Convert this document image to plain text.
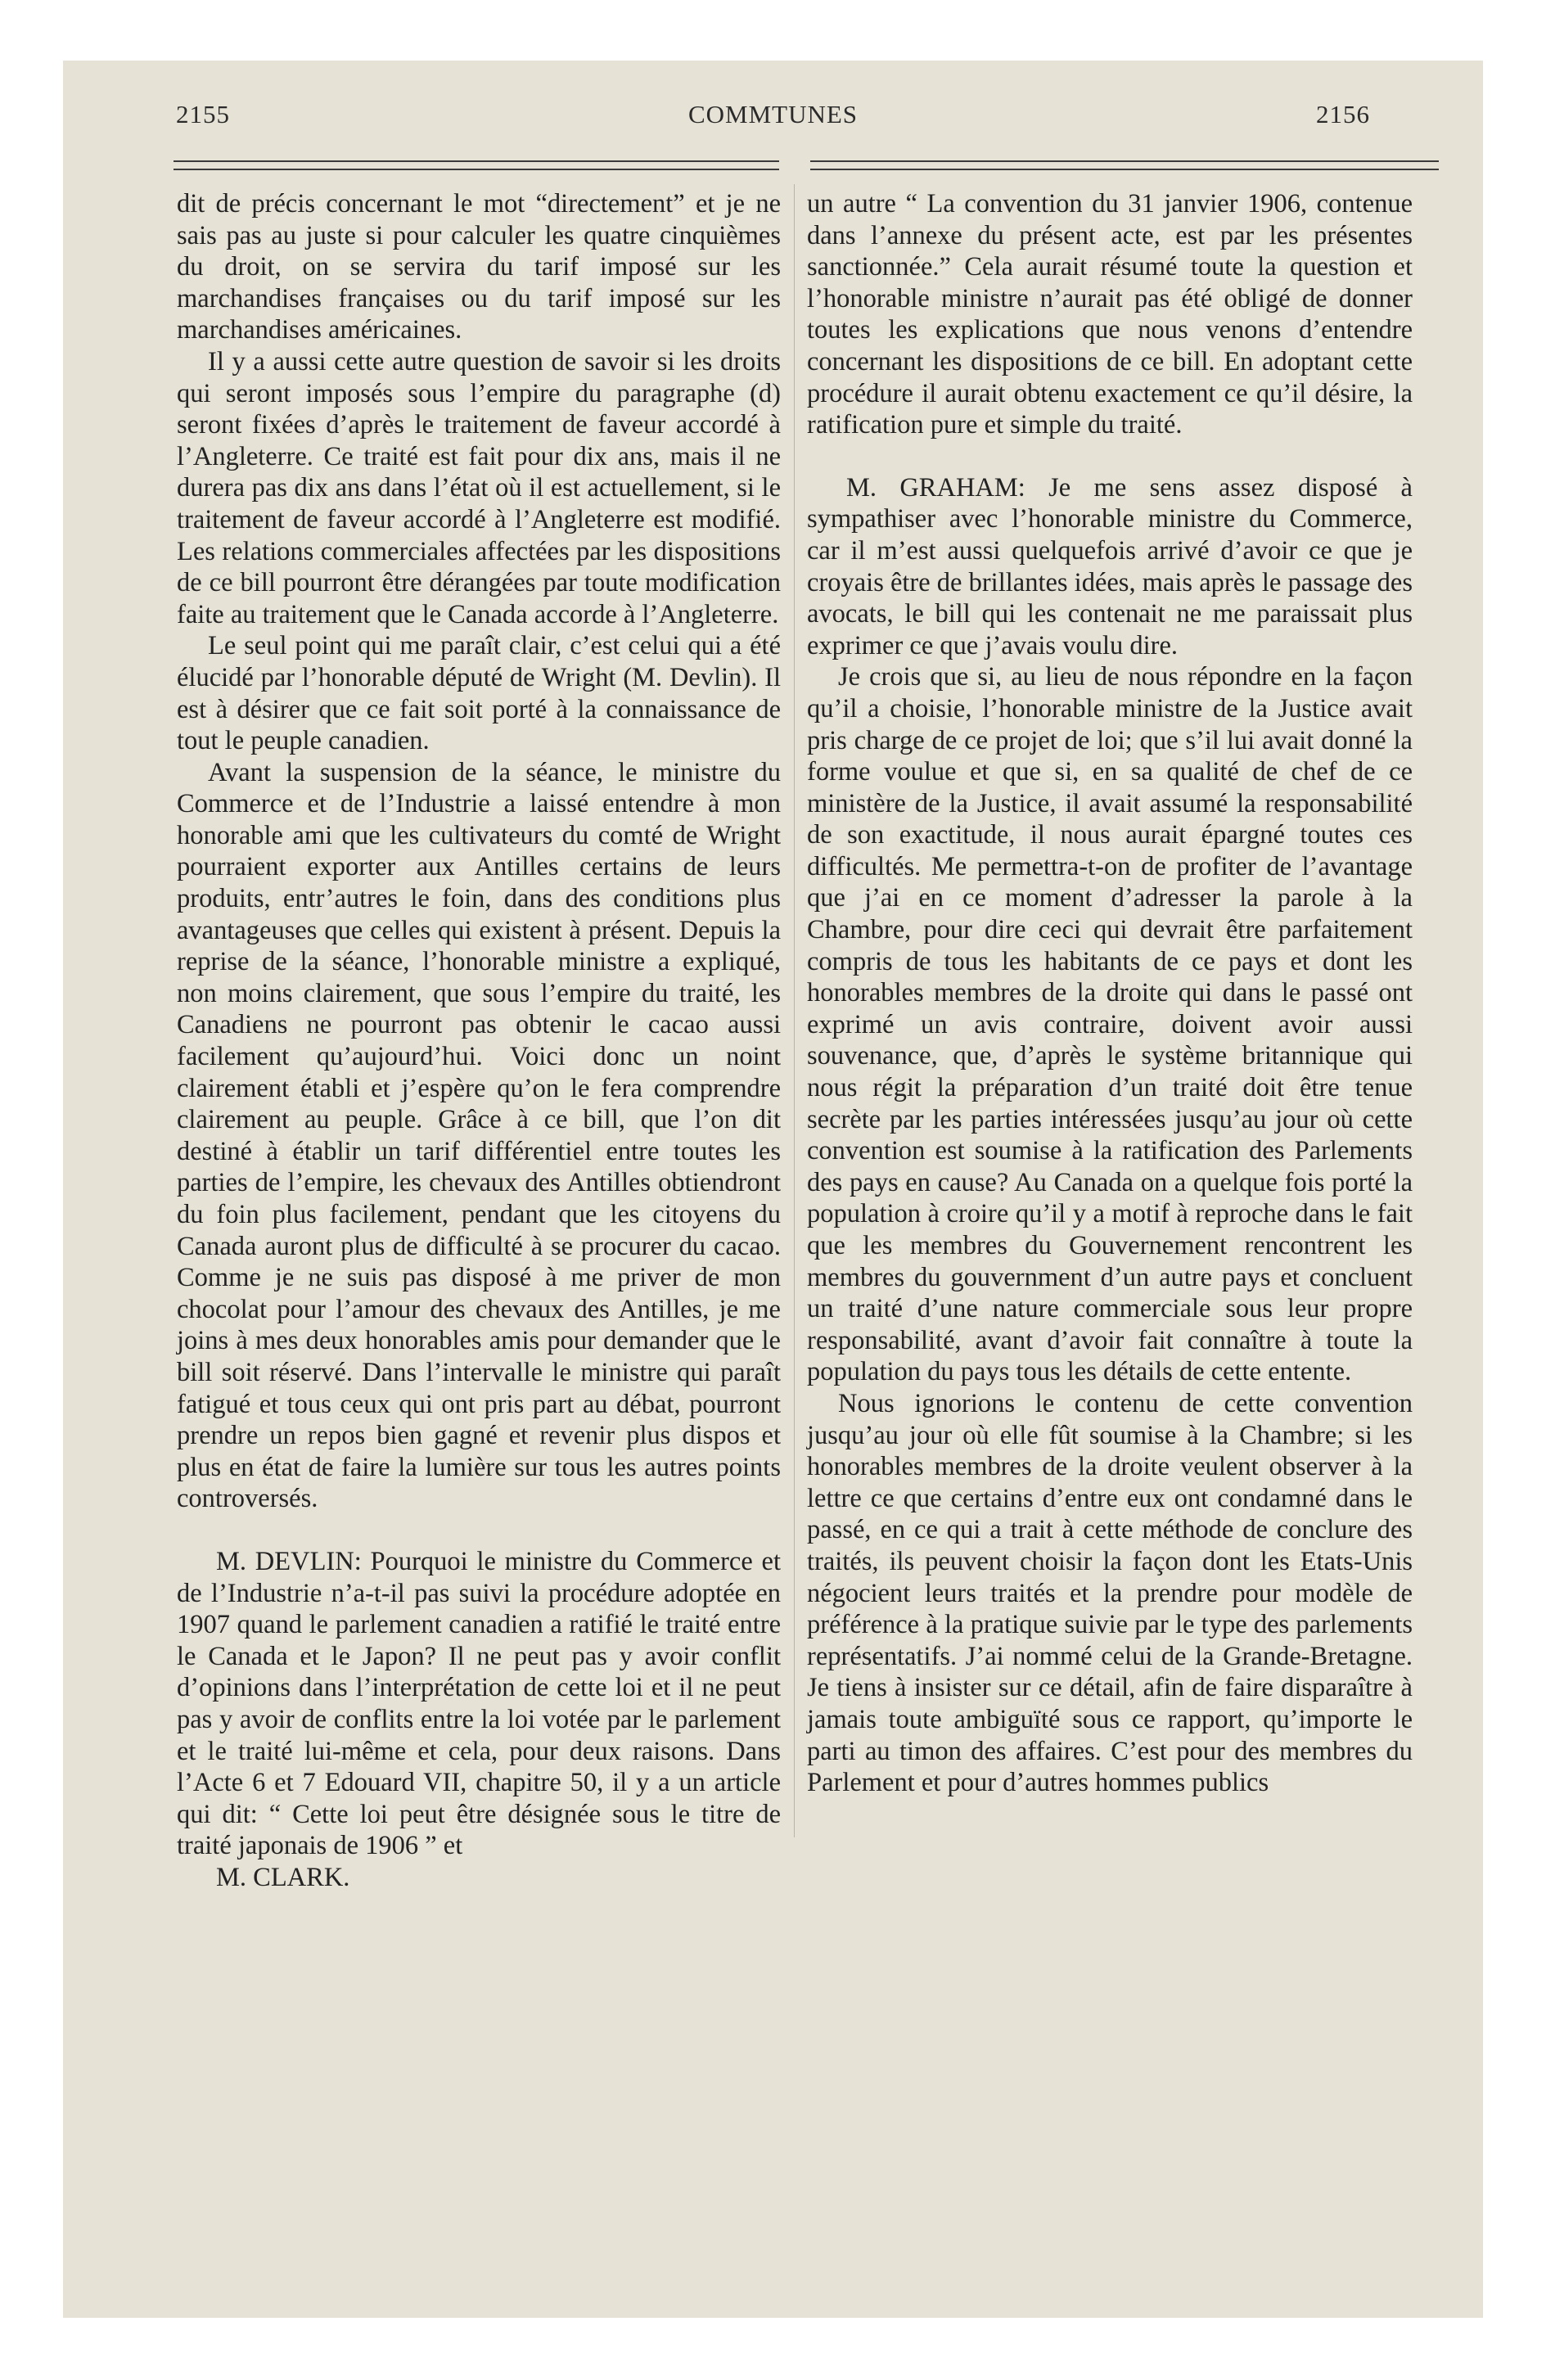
2155	COMMTUNES	2156

dit de précis concernant le mot “directement” et je ne sais pas au juste si pour calculer les quatre cinquièmes du droit, on se servira du tarif imposé sur les marchandises françaises ou du tarif imposé sur les marchandises américaines.

Il y a aussi cette autre question de savoir si les droits qui seront imposés sous l’empire du paragraphe (d) seront fixées d’après le traitement de faveur accordé à l’Angleterre. Ce traité est fait pour dix ans, mais il ne durera pas dix ans dans l’état où il est actuellement, si le traitement de faveur accordé à l’Angleterre est modifié. Les relations commerciales affectées par les dispositions de ce bill pourront être dérangées par toute modification faite au traitement que le Canada accorde à l’Angleterre.

Le seul point qui me paraît clair, c’est celui qui a été élucidé par l’honorable député de Wright (M. Devlin). Il est à désirer que ce fait soit porté à la connaissance de tout le peuple canadien.

Avant la suspension de la séance, le ministre du Commerce et de l’Industrie a laissé entendre à mon honorable ami que les cultivateurs du comté de Wright pourraient exporter aux Antilles certains de leurs produits, entr’autres le foin, dans des conditions plus avantageuses que celles qui existent à présent. Depuis la reprise de la séance, l’honorable ministre a expliqué, non moins clairement, que sous l’empire du traité, les Canadiens ne pourront pas obtenir le cacao aussi facilement qu’aujourd’hui. Voici donc un noint clairement établi et j’espère qu’on le fera comprendre clairement au peuple. Grâce à ce bill, que l’on dit destiné à établir un tarif différentiel entre toutes les parties de l’empire, les chevaux des Antilles obtiendront du foin plus facilement, pendant que les citoyens du Canada auront plus de difficulté à se procurer du cacao. Comme je ne suis pas disposé à me priver de mon chocolat pour l’amour des chevaux des Antilles, je me joins à mes deux honorables amis pour demander que le bill soit réservé. Dans l’intervalle le ministre qui paraît fatigué et tous ceux qui ont pris part au débat, pourront prendre un repos bien gagné et revenir plus dispos et plus en état de faire la lumière sur tous les autres points controversés.

M. DEVLIN: Pourquoi le ministre du Commerce et de l’Industrie n’a-t-il pas suivi la procédure adoptée en 1907 quand le parlement canadien a ratifié le traité entre le Canada et le Japon? Il ne peut pas y avoir conflit d’opinions dans l’interprétation de cette loi et il ne peut pas y avoir de conflits entre la loi votée par le parlement et le traité lui-même et cela, pour deux raisons. Dans l’Acte 6 et 7 Edouard VII, chapitre 50, il y a un article qui dit: “ Cette loi peut être désignée sous le titre de traité japonais de 1906 ” et

M. CLARK.

un autre “ La convention du 31 janvier 1906, contenue dans l’annexe du présent acte, est par les présentes sanctionnée.” Cela aurait résumé toute la question et l’honorable ministre n’aurait pas été obligé de donner toutes les explications que nous venons d’entendre concernant les dispositions de ce bill. En adoptant cette procédure il aurait obtenu exactement ce qu’il désire, la ratification pure et simple du traité.

M. GRAHAM: Je me sens assez disposé à sympathiser avec l’honorable ministre du Commerce, car il m’est aussi quelquefois arrivé d’avoir ce que je croyais être de brillantes idées, mais après le passage des avocats, le bill qui les contenait ne me paraissait plus exprimer ce que j’avais voulu dire.

Je crois que si, au lieu de nous répondre en la façon qu’il a choisie, l’honorable ministre de la Justice avait pris charge de ce projet de loi; que s’il lui avait donné la forme voulue et que si, en sa qualité de chef de ce ministère de la Justice, il avait assumé la responsabilité de son exactitude, il nous aurait épargné toutes ces difficultés. Me permettra-t-on de profiter de l’avantage que j’ai en ce moment d’adresser la parole à la Chambre, pour dire ceci qui devrait être parfaitement compris de tous les habitants de ce pays et dont les honorables membres de la droite qui dans le passé ont exprimé un avis contraire, doivent avoir aussi souvenance, que, d’après le système britannique qui nous régit la préparation d’un traité doit être tenue secrète par les parties intéressées jusqu’au jour où cette convention est soumise à la ratification des Parlements des pays en cause? Au Canada on a quelque fois porté la population à croire qu’il y a motif à reproche dans le fait que les membres du Gouvernement rencontrent les membres du gouvernment d’un autre pays et concluent un traité d’une nature commerciale sous leur propre responsabilité, avant d’avoir fait connaître à toute la population du pays tous les détails de cette entente.

Nous ignorions le contenu de cette convention jusqu’au jour où elle fût soumise à la Chambre; si les honorables membres de la droite veulent observer à la lettre ce que certains d’entre eux ont condamné dans le passé, en ce qui a trait à cette méthode de conclure des traités, ils peuvent choisir la façon dont les Etats-Unis négocient leurs traités et la prendre pour modèle de préférence à la pratique suivie par le type des parlements représentatifs. J’ai nommé celui de la Grande-Bretagne. Je tiens à insister sur ce détail, afin de faire disparaître à jamais toute ambiguïté sous ce rapport, qu’importe le parti au timon des affaires. C’est pour des membres du Parlement et pour d’autres hommes publics
